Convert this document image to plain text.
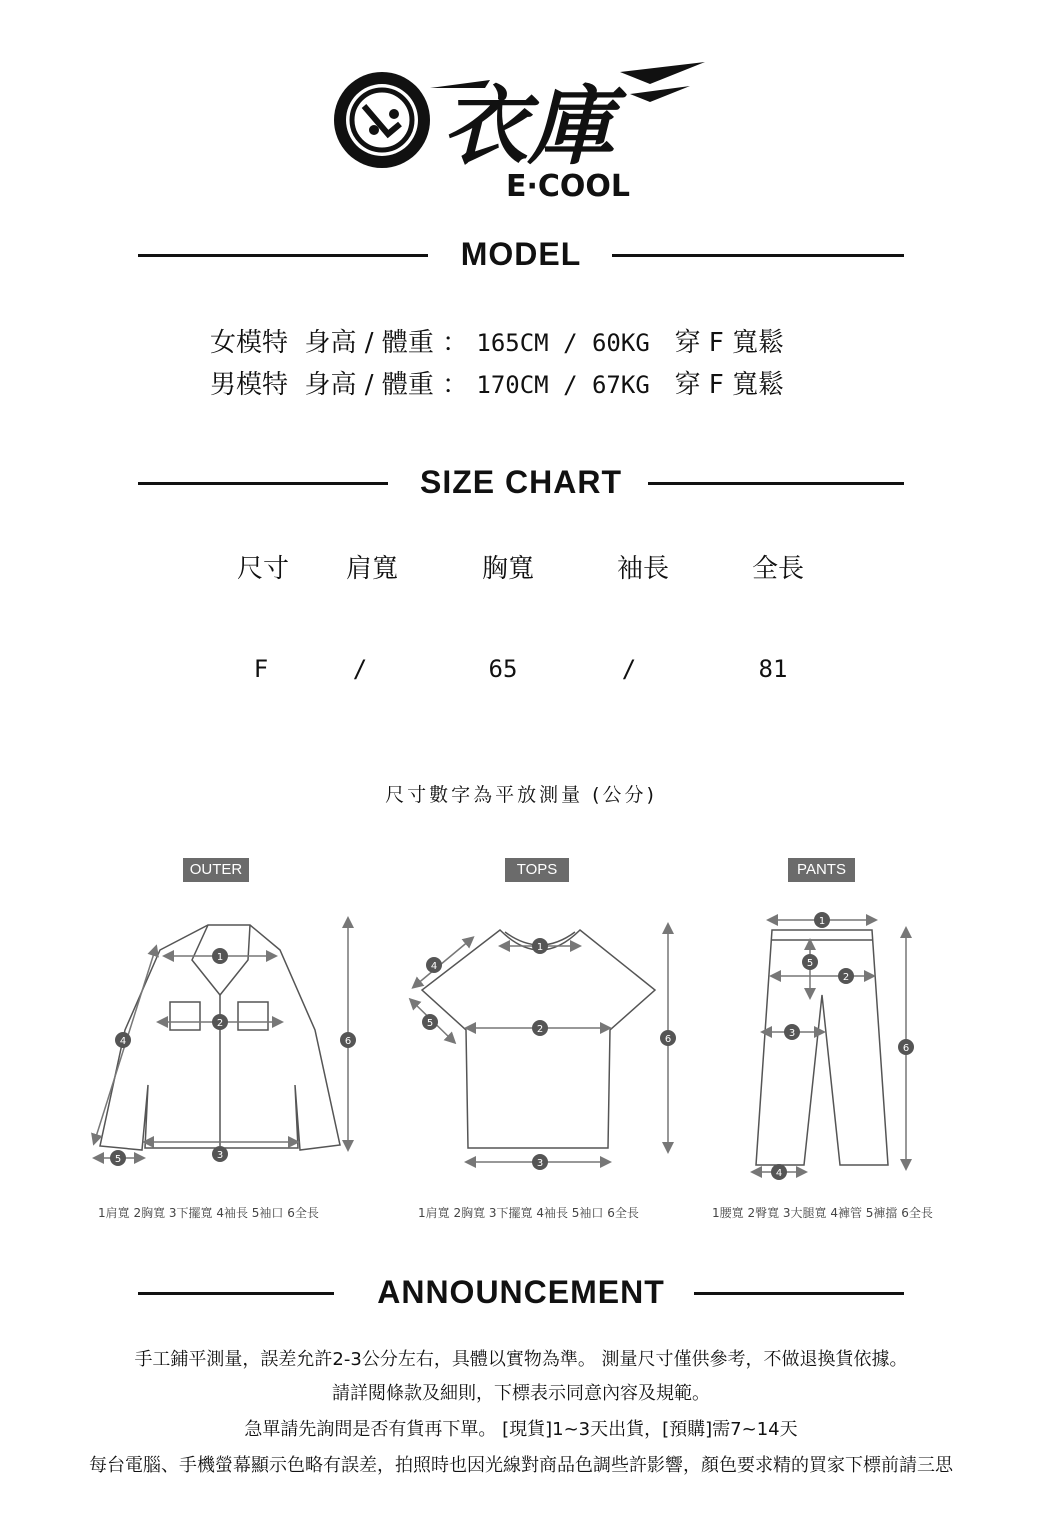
衣庫
E·COOL
MODEL
女模特 身高 / 體重 ： 165CM / 60KG 穿 F 寬鬆
男模特 身高 / 體重 ： 170CM / 67KG 穿 F 寬鬆
SIZE CHART
尺寸	肩寬	胸寬	袖長	全長
F	/	65	/	81
尺寸數字為平放測量 (公分)
OUTER	TOPS	PANTS
1
2
3
4
5
6
1
2
3
4
5
6
1
2
3
4
5
6
1肩寬 2胸寬 3下擺寬 4袖長 5袖口 6全長	1肩寬 2胸寬 3下擺寬 4袖長 5袖口 6全長	1腰寬 2臀寬 3大腿寬 4褲管 5褲擋 6全長
ANNOUNCEMENT
手工鋪平測量，誤差允許2-3公分左右，具體以實物為準。 測量尺寸僅供參考，不做退換貨依據。
請詳閱條款及細則，下標表示同意內容及規範。
急單請先詢問是否有貨再下單。 [現貨]1~3天出貨，[預購]需7~14天
每台電腦、手機螢幕顯示色略有誤差，拍照時也因光線對商品色調些許影響，顏色要求精的買家下標前請三思
